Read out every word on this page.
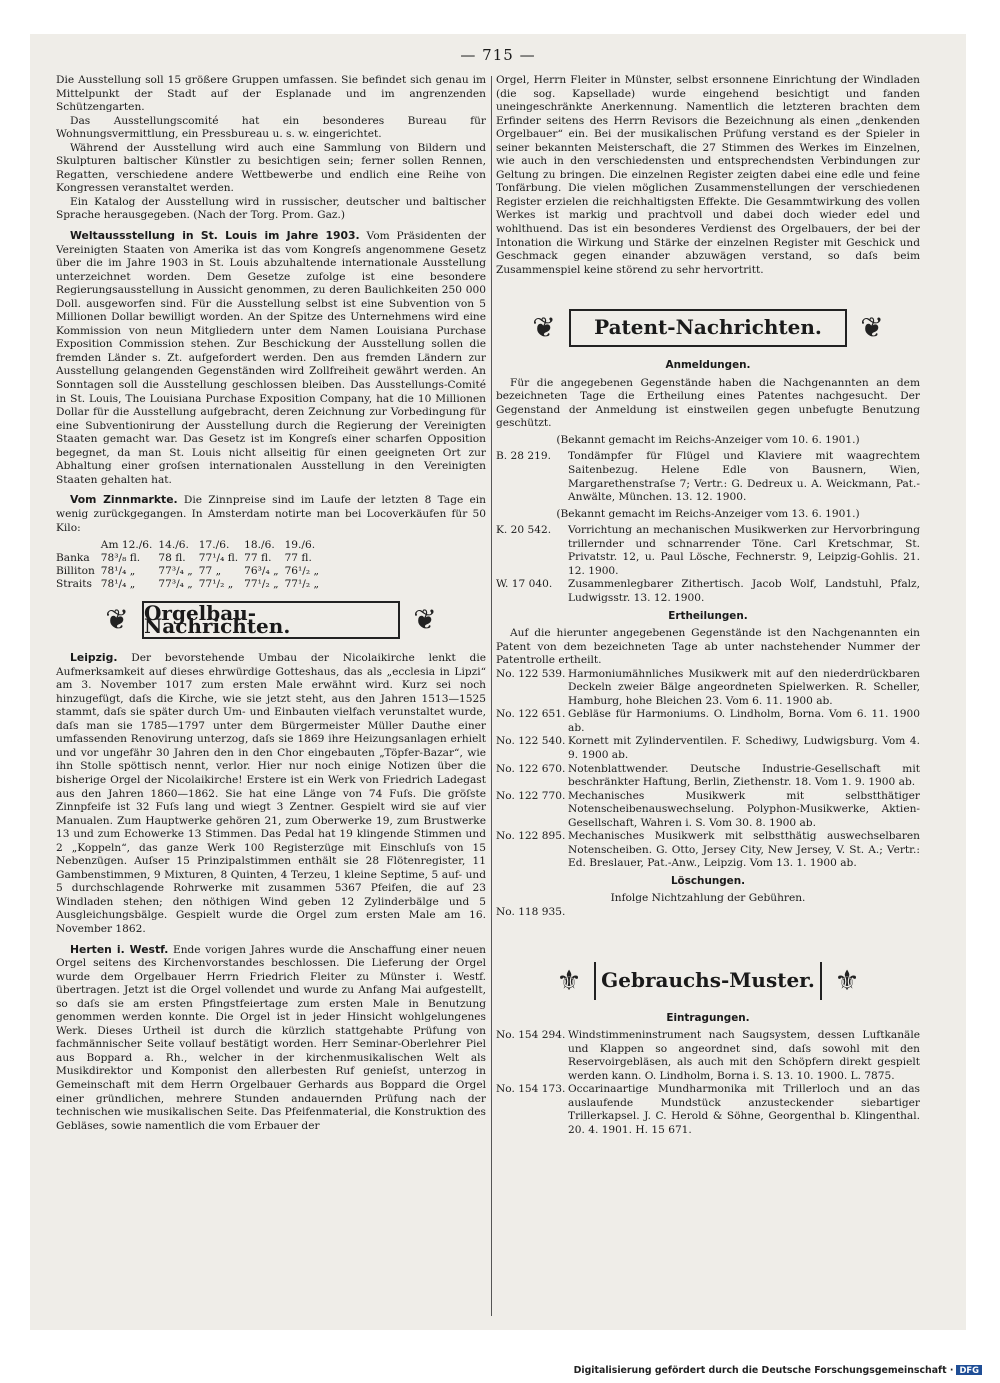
— 715 —

Die Ausstellung soll 15 größere Gruppen umfassen. Sie befindet sich genau im Mittelpunkt der Stadt auf der Esplanade und im angrenzenden Schützengarten.

Das Ausstellungscomité hat ein besonderes Bureau für Wohnungsvermittlung, ein Pressbureau u. s. w. eingerichtet.

Während der Ausstellung wird auch eine Sammlung von Bildern und Skulpturen baltischer Künstler zu besichtigen sein; ferner sollen Rennen, Regatten, verschiedene andere Wettbewerbe und endlich eine Reihe von Kongressen veranstaltet werden.

Ein Katalog der Ausstellung wird in russischer, deutscher und baltischer Sprache herausgegeben. (Nach der Torg. Prom. Gaz.)

Weltaussstellung in St. Louis im Jahre 1903. Vom Präsidenten der Vereinigten Staaten von Amerika ist das vom Kongreſs angenommene Gesetz über die im Jahre 1903 in St. Louis abzuhaltende internationale Ausstellung unterzeichnet worden. Dem Gesetze zufolge ist eine besondere Regierungsausstellung in Aussicht genommen, zu deren Baulichkeiten 250 000 Doll. ausgeworfen sind. Für die Ausstellung selbst ist eine Subvention von 5 Millionen Dollar bewilligt worden. An der Spitze des Unternehmens wird eine Kommission von neun Mitgliedern unter dem Namen Louisiana Purchase Exposition Commission stehen. Zur Beschickung der Ausstellung sollen die fremden Länder s. Zt. aufgefordert werden. Den aus fremden Ländern zur Ausstellung gelangenden Gegenständen wird Zollfreiheit gewährt werden. An Sonntagen soll die Ausstellung geschlossen bleiben. Das Ausstellungs-Comité in St. Louis, The Louisiana Purchase Exposition Company, hat die 10 Millionen Dollar für die Ausstellung aufgebracht, deren Zeichnung zur Vorbedingung für eine Subventionirung der Ausstellung durch die Regierung der Vereinigten Staaten gemacht war. Das Gesetz ist im Kongreſs einer scharfen Opposition begegnet, da man St. Louis nicht allseitig für einen geeigneten Ort zur Abhaltung einer groſsen internationalen Ausstellung in den Vereinigten Staaten gehalten hat.

Vom Zinnmarkte. Die Zinnpreise sind im Laufe der letzten 8 Tage ein wenig zurückgegangen. In Amsterdam notirte man bei Locoverkäufen für 50 Kilo:

	Am 12./6.	14./6.	17./6.	18./6.	19./6.
Banka	78³/₈ fl.	78 fl.	77¹/₄ fl.	77 fl.	77 fl.
Billiton	78¹/₄ „	77³/₄ „	77 „	76³/₄ „	76¹/₂ „
Straits	78¹/₄ „	77³/₄ „	77¹/₂ „	77¹/₂ „	77¹/₂ „
❦	❦
Orgelbau-Nachrichten.

Leipzig. Der bevorstehende Umbau der Nicolaikirche lenkt die Aufmerksamkeit auf dieses ehrwürdige Gotteshaus, das als „ecclesia in Lipzi“ am 3. November 1017 zum ersten Male erwähnt wird. Kurz sei noch hinzugefügt, daſs die Kirche, wie sie jetzt steht, aus den Jahren 1513—1525 stammt, daſs sie später durch Um- und Einbauten vielfach verunstaltet wurde, daſs man sie 1785—1797 unter dem Bürgermeister Müller Dauthe einer umfassenden Renovirung unterzog, daſs sie 1869 ihre Heizungsanlagen erhielt und vor ungefähr 30 Jahren den in den Chor eingebauten „Töpfer-Bazar“, wie ihn Stolle spöttisch nennt, verlor. Hier nur noch einige Notizen über die bisherige Orgel der Nicolaikirche! Erstere ist ein Werk von Friedrich Ladegast aus den Jahren 1860—1862. Sie hat eine Länge von 74 Fuſs. Die gröſste Zinnpfeife ist 32 Fuſs lang und wiegt 3 Zentner. Gespielt wird sie auf vier Manualen. Zum Hauptwerke gehören 21, zum Oberwerke 19, zum Brustwerke 13 und zum Echowerke 13 Stimmen. Das Pedal hat 19 klingende Stimmen und 2 „Koppeln“, das ganze Werk 100 Registerzüge mit Einschluſs von 15 Nebenzügen. Auſser 15 Prinzipalstimmen enthält sie 28 Flötenregister, 11 Gambenstimmen, 9 Mixturen, 8 Quinten, 4 Terzeu, 1 kleine Septime, 5 auf- und 5 durchschlagende Rohrwerke mit zusammen 5367 Pfeifen, die auf 23 Windladen stehen; den nöthigen Wind geben 12 Zylinderbälge und 5 Ausgleichungsbälge. Gespielt wurde die Orgel zum ersten Male am 16. November 1862.

Herten i. Westf. Ende vorigen Jahres wurde die Anschaffung einer neuen Orgel seitens des Kirchenvorstandes beschlossen. Die Lieferung der Orgel wurde dem Orgelbauer Herrn Friedrich Fleiter zu Münster i. Westf. übertragen. Jetzt ist die Orgel vollendet und wurde zu Anfang Mai aufgestellt, so daſs sie am ersten Pfingstfeiertage zum ersten Male in Benutzung genommen werden konnte. Die Orgel ist in jeder Hinsicht wohlgelungenes Werk. Dieses Urtheil ist durch die kürzlich stattgehabte Prüfung von fachmännischer Seite vollauf bestätigt worden. Herr Seminar-Oberlehrer Piel aus Boppard a. Rh., welcher in der kirchenmusikalischen Welt als Musikdirektor und Komponist den allerbesten Ruf genieſst, unterzog in Gemeinschaft mit dem Herrn Orgelbauer Gerhards aus Boppard die Orgel einer gründlichen, mehrere Stunden andauernden Prüfung nach der technischen wie musikalischen Seite. Das Pfeifenmaterial, die Konstruktion des Gebläses, sowie namentlich die vom Erbauer der

Orgel, Herrn Fleiter in Münster, selbst ersonnene Einrichtung der Windladen (die sog. Kapsellade) wurde eingehend besichtigt und fanden uneingeschränkte Anerkennung. Namentlich die letzteren brachten dem Erfinder seitens des Herrn Revisors die Bezeichnung als einen „denkenden Orgelbauer“ ein. Bei der musikalischen Prüfung verstand es der Spieler in seiner bekannten Meisterschaft, die 27 Stimmen des Werkes im Einzelnen, wie auch in den verschiedensten und entsprechendsten Verbindungen zur Geltung zu bringen. Die einzelnen Register zeigten dabei eine edle und feine Tonfärbung. Die vielen möglichen Zusammenstellungen der verschiedenen Register erzielen die reichhaltigsten Effekte. Die Gesammtwirkung des vollen Werkes ist markig und prachtvoll und dabei doch wieder edel und wohlthuend. Das ist ein besonderes Verdienst des Orgelbauers, der bei der Intonation die Wirkung und Stärke der einzelnen Register mit Geschick und Geschmack gegen einander abzuwägen verstand, so daſs beim Zusammenspiel keine störend zu sehr hervortritt.

❦	❦
Patent-Nachrichten.
Anmeldungen.

Für die angegebenen Gegenstände haben die Nachgenannten an dem bezeichneten Tage die Ertheilung eines Patentes nachgesucht. Der Gegenstand der Anmeldung ist einstweilen gegen unbefugte Benutzung geschützt.

(Bekannt gemacht im Reichs-Anzeiger vom 10. 6. 1901.)
B. 28 219.	Tondämpfer für Flügel und Klaviere mit waagrechtem Saitenbezug. Helene Edle von Bausnern, Wien, Margarethenstraſse 7; Vertr.: G. Dedreux u. A. Weickmann, Pat.-Anwälte, München. 13. 12. 1900.
(Bekannt gemacht im Reichs-Anzeiger vom 13. 6. 1901.)
K. 20 542.	Vorrichtung an mechanischen Musikwerken zur Hervorbringung trillernder und schnarrender Töne. Carl Kretschmar, St. Privatstr. 12, u. Paul Lösche, Fechnerstr. 9, Leipzig-Gohlis. 21. 12. 1900.
W. 17 040.	Zusammenlegbarer Zithertisch. Jacob Wolf, Landstuhl, Pfalz, Ludwigsstr. 13. 12. 1900.
Ertheilungen.

Auf die hierunter angegebenen Gegenstände ist den Nachgenannten ein Patent von dem bezeichneten Tage ab unter nachstehender Nummer der Patentrolle ertheilt.

No. 122 539. Harmoniumähnliches Musikwerk mit auf den niederdrückbaren Deckeln zweier Bälge angeordneten Spielwerken. R. Scheller, Hamburg, hohe Bleichen 23. Vom 6. 11. 1900 ab.
No. 122 651. Gebläse für Harmoniums. O. Lindholm, Borna. Vom 6. 11. 1900 ab.
No. 122 540. Kornett mit Zylinderventilen. F. Schediwy, Ludwigsburg. Vom 4. 9. 1900 ab.
No. 122 670. Notenblattwender. Deutsche Industrie-Gesellschaft mit beschränkter Haftung, Berlin, Ziethenstr. 18. Vom 1. 9. 1900 ab.
No. 122 770. Mechanisches Musikwerk mit selbstthätiger Notenscheibenauswechselung. Polyphon-Musikwerke, Aktien-Gesellschaft, Wahren i. S. Vom 30. 8. 1900 ab.
No. 122 895. Mechanisches Musikwerk mit selbstthätig auswechselbaren Notenscheiben. G. Otto, Jersey City, New Jersey, V. St. A.; Vertr.: Ed. Breslauer, Pat.-Anw., Leipzig. Vom 13. 1. 1900 ab.
Löschungen.
Infolge Nichtzahlung der Gebühren.
No. 118 935.
⚜	⚜
Gebrauchs-Muster.
Eintragungen.
No. 154 294. Windstimmeninstrument nach Saugsystem, dessen Luftkanäle und Klappen so angeordnet sind, daſs sowohl mit den Reservoirgebläsen, als auch mit den Schöpfern direkt gespielt werden kann. O. Lindholm, Borna i. S. 13. 10. 1900. L. 7875.
No. 154 173. Occarinaartige Mundharmonika mit Trillerloch und an das auslaufende Mundstück anzusteckender siebartiger Trillerkapsel. J. C. Herold & Söhne, Georgenthal b. Klingenthal. 20. 4. 1901. H. 15 671.
Digitalisierung gefördert durch die Deutsche Forschungsgemeinschaft · DFG
